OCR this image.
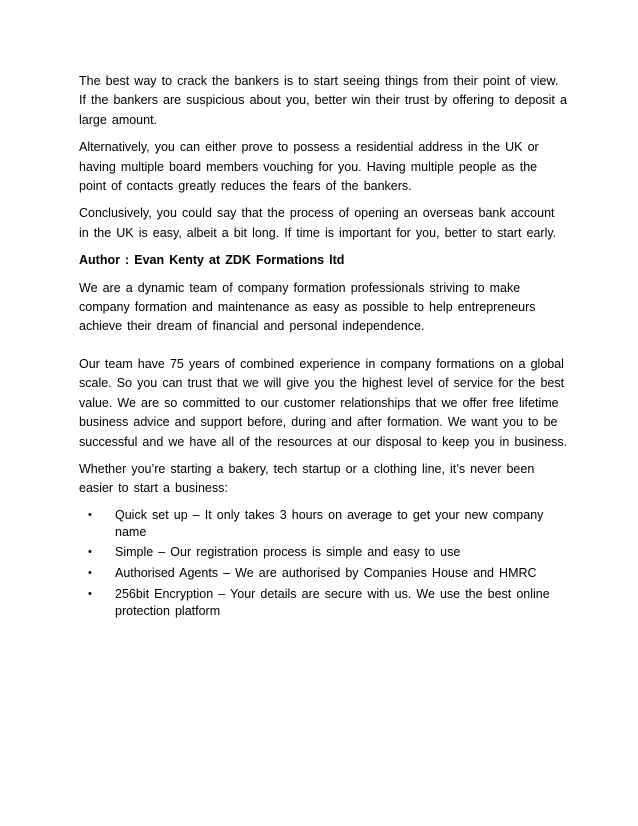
The best way to crack the bankers is to start seeing things from their point of view. If the bankers are suspicious about you, better win their trust by offering to deposit a large amount.

Alternatively, you can either prove to possess a residential address in the UK or having multiple board members vouching for you. Having multiple people as the point of contacts greatly reduces the fears of the bankers.

Conclusively, you could say that the process of opening an overseas bank account in the UK is easy, albeit a bit long. If time is important for you, better to start early.

Author : Evan Kenty at ZDK Formations ltd

We are a dynamic team of company formation professionals striving to make company formation and maintenance as easy as possible to help entrepreneurs achieve their dream of financial and personal independence.

Our team have 75 years of combined experience in company formations on a global scale. So you can trust that we will give you the highest level of service for the best value. We are so committed to our customer relationships that we offer free lifetime business advice and support before, during and after formation. We want you to be successful and we have all of the resources at our disposal to keep you in business.

Whether you’re starting a bakery, tech startup or a clothing line, it’s never been easier to start a business:

• Quick set up – It only takes 3 hours on average to get your new company name
• Simple – Our registration process is simple and easy to use
• Authorised Agents – We are authorised by Companies House and HMRC
• 256bit Encryption – Your details are secure with us. We use the best online protection platform
